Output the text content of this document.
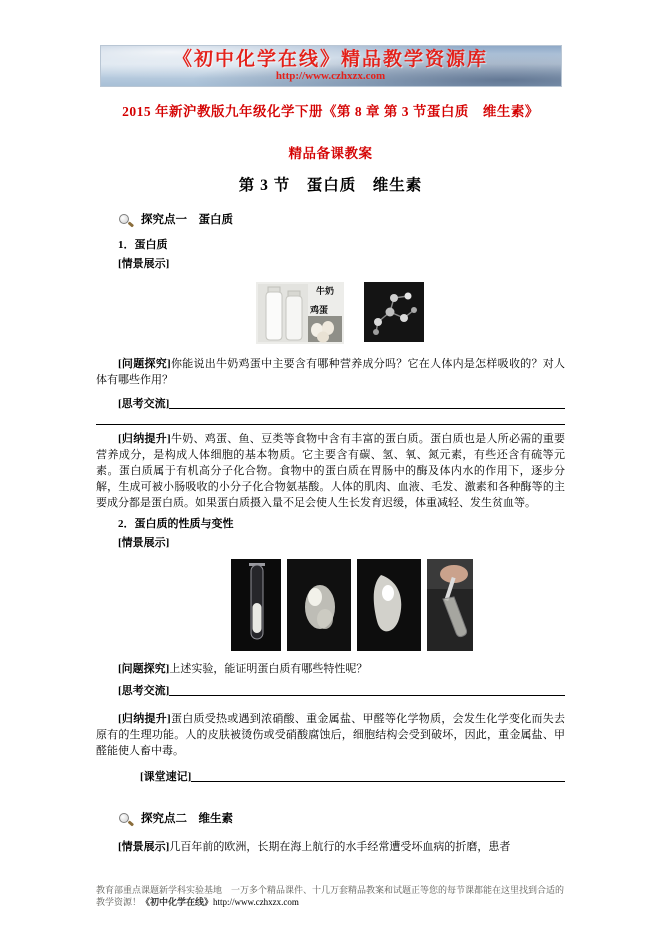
《初中化学在线》精品教学资源库
http://www.czhxzx.com
2015 年新沪教版九年级化学下册《第 8 章 第 3 节蛋白质　维生素》
精品备课教案
第 3 节　蛋白质　维生素
探究点一　蛋白质
1．蛋白质
[情景展示]
牛奶
鸡蛋

[问题探究]你能说出牛奶鸡蛋中主要含有哪种营养成分吗？它在人体内是怎样吸收的？对人体有哪些作用？

[思考交流]

[归纳提升]牛奶、鸡蛋、鱼、豆类等食物中含有丰富的蛋白质。蛋白质也是人所必需的重要营养成分，是构成人体细胞的基本物质。它主要含有碳、氢、氧、氮元素，有些还含有硫等元素。蛋白质属于有机高分子化合物。食物中的蛋白质在胃肠中的酶及体内水的作用下，逐步分解，生成可被小肠吸收的小分子化合物氨基酸。人体的肌肉、血液、毛发、激素和各种酶等的主要成分都是蛋白质。如果蛋白质摄入量不足会使人生长发育迟缓，体重减轻、发生贫血等。

2．蛋白质的性质与变性
[情景展示]

[问题探究]上述实验，能证明蛋白质有哪些特性呢？

[思考交流]

[归纳提升]蛋白质受热或遇到浓硝酸、重金属盐、甲醛等化学物质，会发生化学变化而失去原有的生理功能。人的皮肤被烫伤或受硝酸腐蚀后，细胞结构会受到破坏，因此，重金属盐、甲醛能使人畜中毒。

[课堂速记]
探究点二　维生素

[情景展示]几百年前的欧洲，长期在海上航行的水手经常遭受坏血病的折磨，患者

教育部重点课题新学科实验基地　一万多个精品课件、十几万套精品教案和试题正等您的每节课都能在这里找到合适的
教学资源！《初中化学在线》http://www.czhxzx.com
